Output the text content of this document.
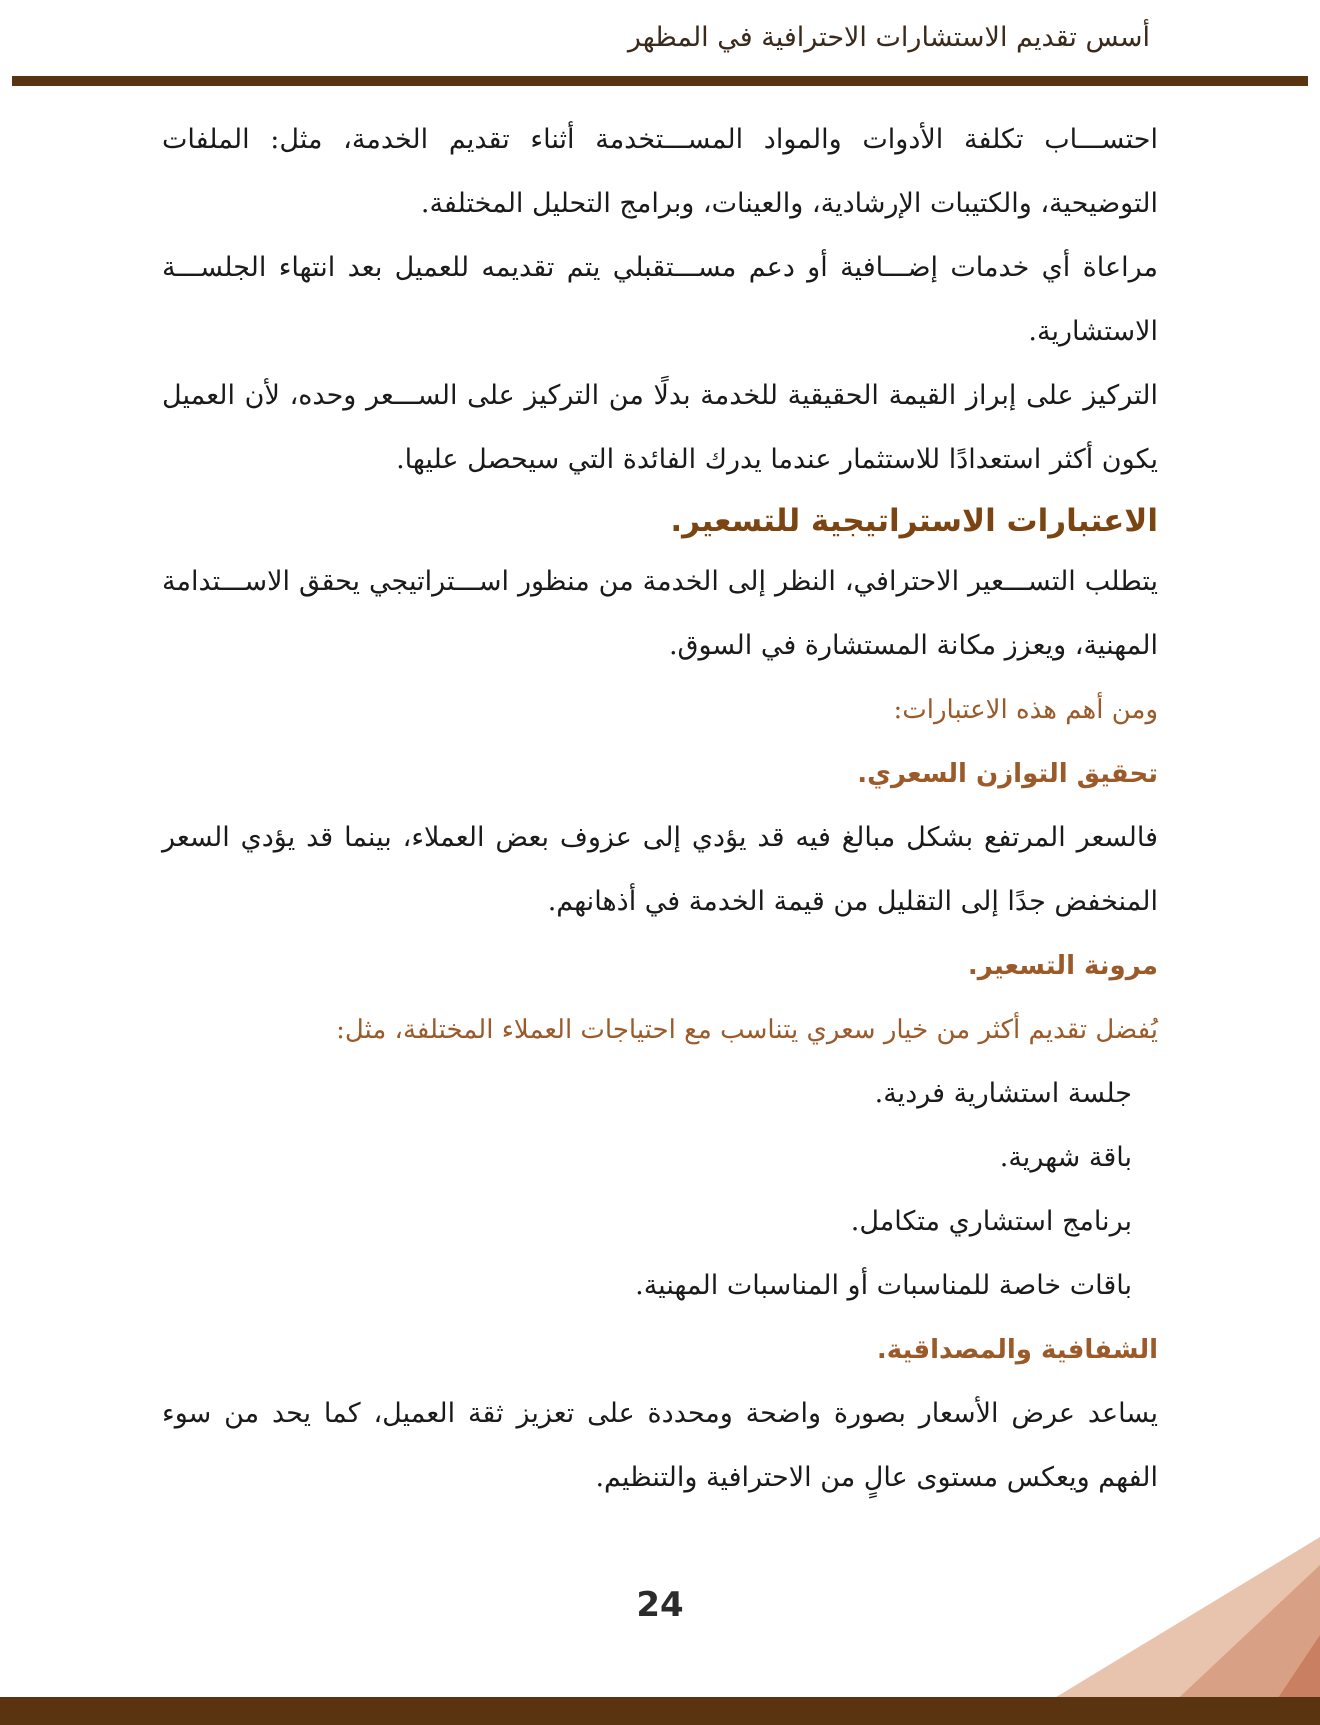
أسس تقديم الاستشارات الاحترافية في المظهر

احتســـاب تكلفة الأدوات والمواد المســـتخدمة أثناء تقديم الخدمة، مثل: الملفات التوضيحية، والكتيبات الإرشادية، والعينات، وبرامج التحليل المختلفة.

مراعاة أي خدمات إضـــافية أو دعم مســـتقبلي يتم تقديمه للعميل بعد انتهاء الجلســـة الاستشارية.

التركيز على إبراز القيمة الحقيقية للخدمة بدلًا من التركيز على الســـعر وحده، لأن العميل يكون أكثر استعدادًا للاستثمار عندما يدرك الفائدة التي سيحصل عليها.

الاعتبارات الاستراتيجية للتسعير.

يتطلب التســـعير الاحترافي، النظر إلى الخدمة من منظور اســـتراتيجي يحقق الاســـتدامة المهنية، ويعزز مكانة المستشارة في السوق.

ومن أهم هذه الاعتبارات:

تحقيق التوازن السعري.

فالسعر المرتفع بشكل مبالغ فيه قد يؤدي إلى عزوف بعض العملاء، بينما قد يؤدي السعر المنخفض جدًا إلى التقليل من قيمة الخدمة في أذهانهم.

مرونة التسعير.

يُفضل تقديم أكثر من خيار سعري يتناسب مع احتياجات العملاء المختلفة، مثل:

جلسة استشارية فردية.
باقة شهرية.
برنامج استشاري متكامل.
باقات خاصة للمناسبات أو المناسبات المهنية.
الشفافية والمصداقية.

يساعد عرض الأسعار بصورة واضحة ومحددة على تعزيز ثقة العميل، كما يحد من سوء الفهم ويعكس مستوى عالٍ من الاحترافية والتنظيم.

24
